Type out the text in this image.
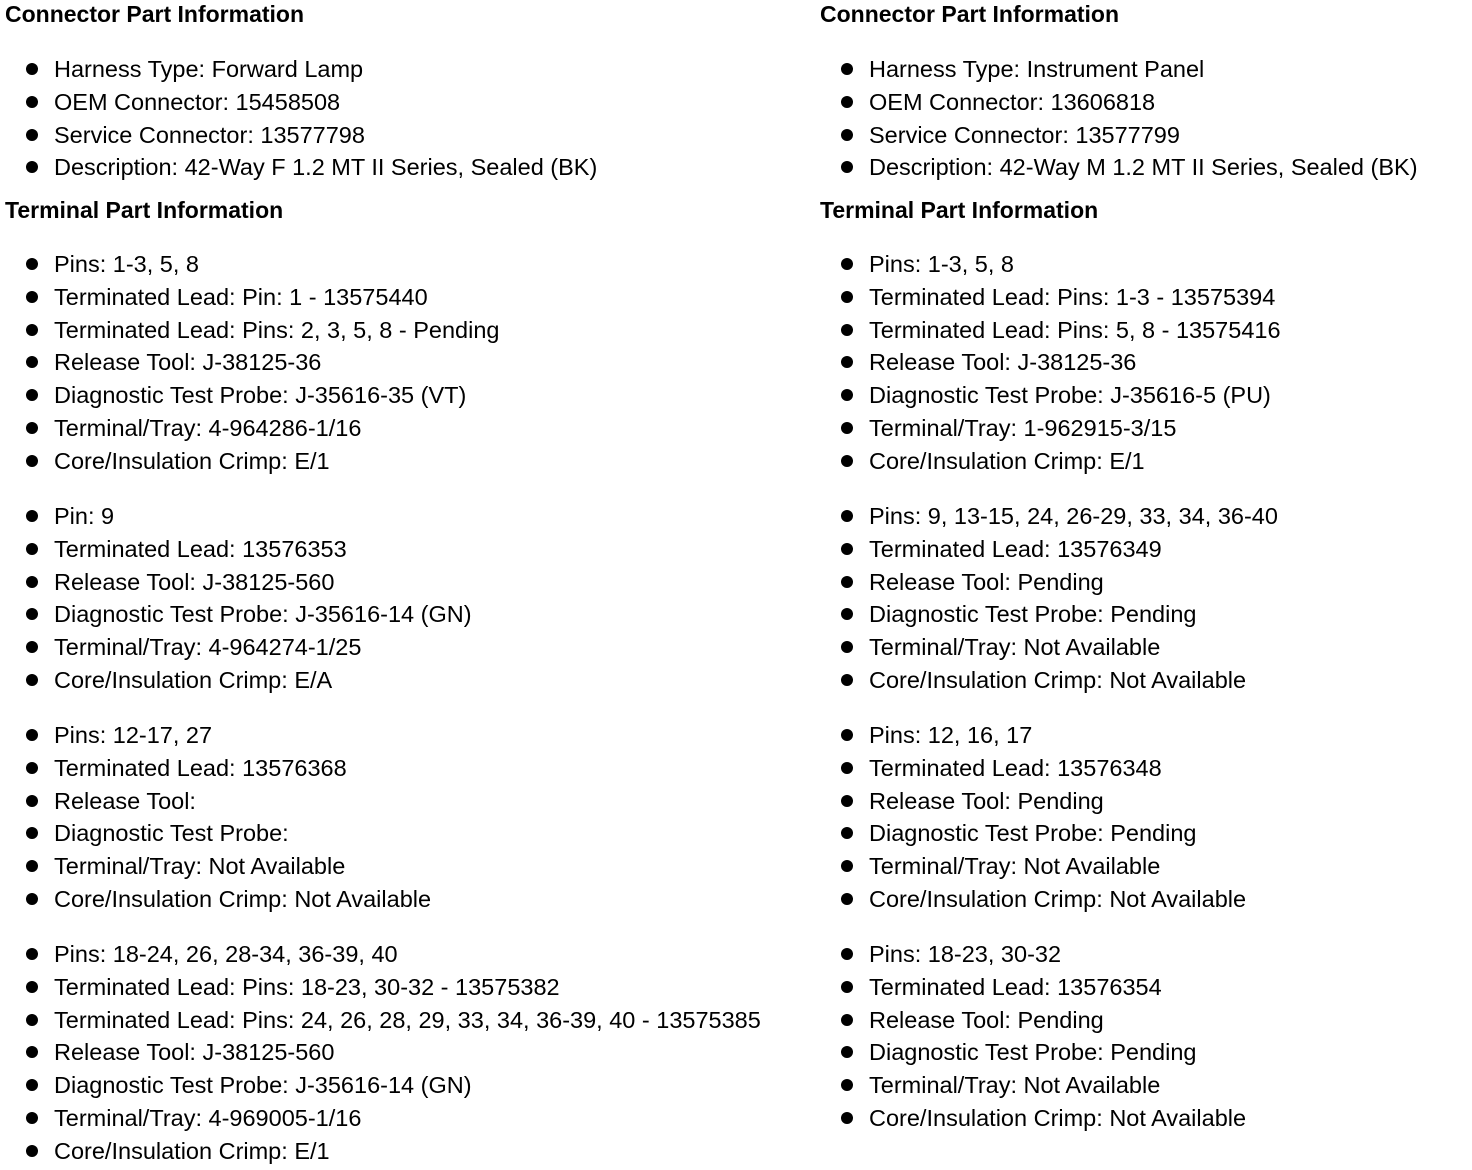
Connector Part Information
Harness Type: Forward Lamp
OEM Connector: 15458508
Service Connector: 13577798
Description: 42-Way F 1.2 MT II Series, Sealed (BK)
Terminal Part Information
Pins: 1-3, 5, 8
Terminated Lead: Pin: 1 - 13575440
Terminated Lead: Pins: 2, 3, 5, 8 - Pending
Release Tool: J-38125-36
Diagnostic Test Probe: J-35616-35 (VT)
Terminal/Tray: 4-964286-1/16
Core/Insulation Crimp: E/1
Pin: 9
Terminated Lead: 13576353
Release Tool: J-38125-560
Diagnostic Test Probe: J-35616-14 (GN)
Terminal/Tray: 4-964274-1/25
Core/Insulation Crimp: E/A
Pins: 12-17, 27
Terminated Lead: 13576368
Release Tool:
Diagnostic Test Probe:
Terminal/Tray: Not Available
Core/Insulation Crimp: Not Available
Pins: 18-24, 26, 28-34, 36-39, 40
Terminated Lead: Pins: 18-23, 30-32 - 13575382
Terminated Lead: Pins: 24, 26, 28, 29, 33, 34, 36-39, 40 - 13575385
Release Tool: J-38125-560
Diagnostic Test Probe: J-35616-14 (GN)
Terminal/Tray: 4-969005-1/16
Core/Insulation Crimp: E/1
Connector Part Information
Harness Type: Instrument Panel
OEM Connector: 13606818
Service Connector: 13577799
Description: 42-Way M 1.2 MT II Series, Sealed (BK)
Terminal Part Information
Pins: 1-3, 5, 8
Terminated Lead: Pins: 1-3 - 13575394
Terminated Lead: Pins: 5, 8 - 13575416
Release Tool: J-38125-36
Diagnostic Test Probe: J-35616-5 (PU)
Terminal/Tray: 1-962915-3/15
Core/Insulation Crimp: E/1
Pins: 9, 13-15, 24, 26-29, 33, 34, 36-40
Terminated Lead: 13576349
Release Tool: Pending
Diagnostic Test Probe: Pending
Terminal/Tray: Not Available
Core/Insulation Crimp: Not Available
Pins: 12, 16, 17
Terminated Lead: 13576348
Release Tool: Pending
Diagnostic Test Probe: Pending
Terminal/Tray: Not Available
Core/Insulation Crimp: Not Available
Pins: 18-23, 30-32
Terminated Lead: 13576354
Release Tool: Pending
Diagnostic Test Probe: Pending
Terminal/Tray: Not Available
Core/Insulation Crimp: Not Available
